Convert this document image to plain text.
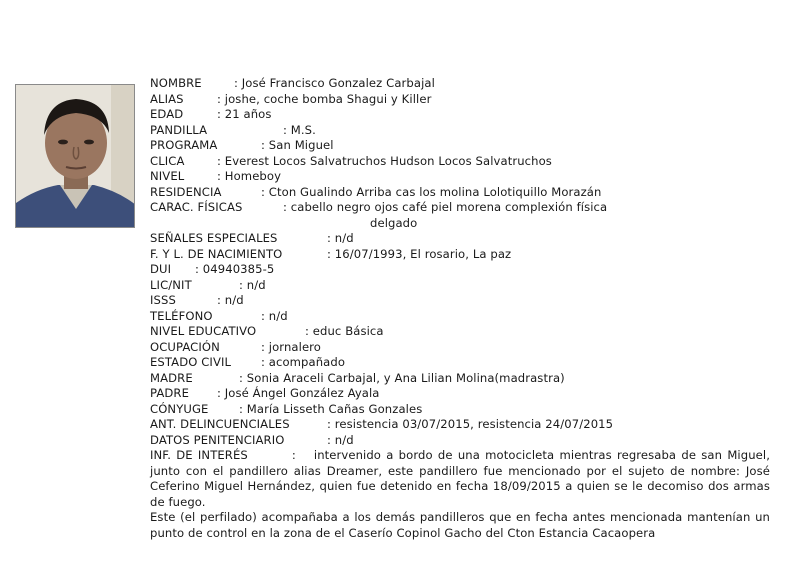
NOMBRE	: José Francisco Gonzalez Carbajal
ALIAS	: joshe, coche bomba Shagui y Killer
EDAD	: 21 años
PANDILLA	: M.S.
PROGRAMA	: San Miguel
CLICA	: Everest Locos Salvatruchos Hudson Locos Salvatruchos
NIVEL	: Homeboy
RESIDENCIA	: Cton Gualindo Arriba cas los molina Lolotiquillo Morazán
CARAC. FÍSICAS	: cabello negro ojos café piel morena complexión física
delgado
SEÑALES ESPECIALES	: n/d
F. Y L. DE NACIMIENTO	: 16/07/1993, El rosario, La paz
DUI : 04940385-5
LIC/NIT	: n/d
ISSS	: n/d
TELÉFONO	: n/d
NIVEL EDUCATIVO	: educ Básica
OCUPACIÓN	: jornalero
ESTADO CIVIL	: acompañado
MADRE	: Sonia Araceli Carbajal, y Ana Lilian Molina(madrastra)
PADRE : José Ángel González Ayala
CÓNYUGE	: María Lisseth Cañas Gonzales
ANT. DELINCUENCIALES	: resistencia 03/07/2015, resistencia 24/07/2015
DATOS PENITENCIARIO	: n/d
INF. DE INTERÉS	: intervenido a bordo de una motocicleta mientras regresaba de san Miguel, junto con el pandillero alias Dreamer, este pandillero fue mencionado por el sujeto de nombre: José Ceferino Miguel Hernández, quien fue detenido en fecha 18/09/2015 a quien se le decomiso dos armas de fuego.
Este (el perfilado) acompañaba a los demás pandilleros que en fecha antes mencionada mantenían un punto de control en la zona de el Caserío Copinol Gacho del Cton Estancia Cacaopera
